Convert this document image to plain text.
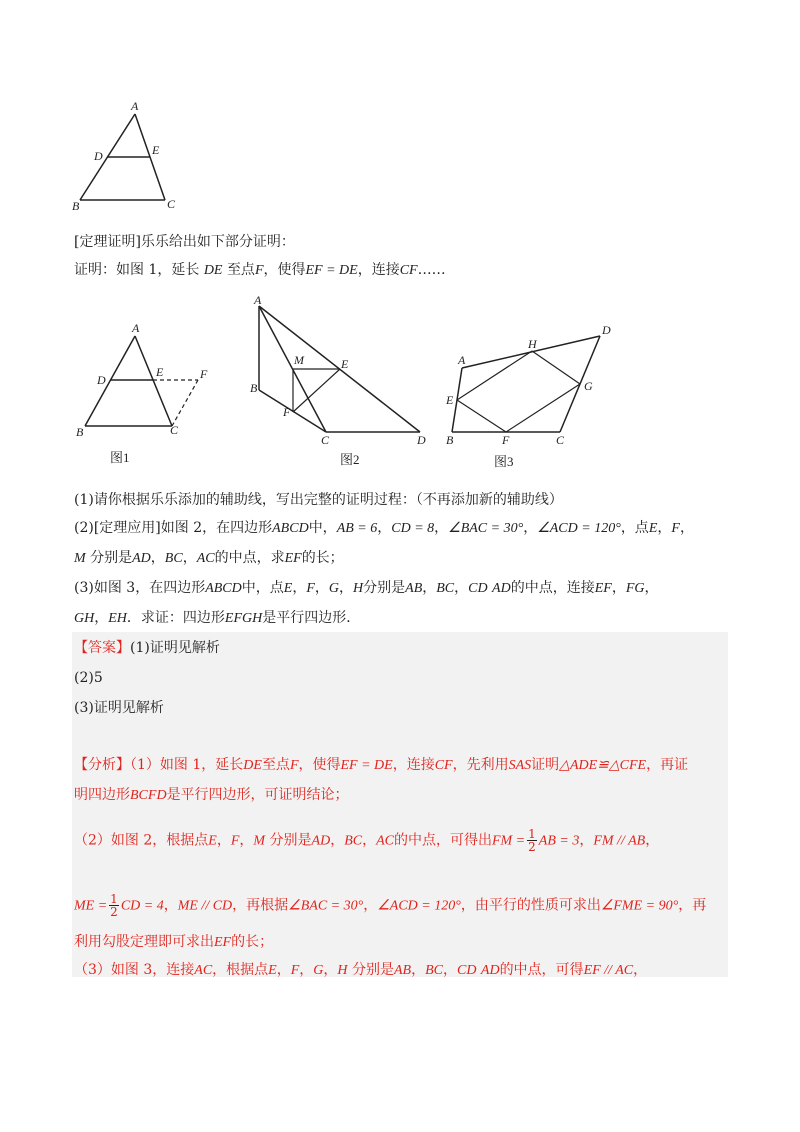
A
D	E
B	C
[定理证明]乐乐给出如下部分证明：
证明：如图 1，延长 DE 至点F，使得EF = DE，连接CF……
A
D
E	F
B	C
图1
A
M	E
B
F
C	D
图2
A
H
D
E
G
B	F	C
图3
(1)请你根据乐乐添加的辅助线，写出完整的证明过程：（不再添加新的辅助线）
(2)[定理应用]如图 2，在四边形ABCD中，AB = 6，CD = 8，∠BAC = 30°，∠ACD = 120°，点E，F，
M 分别是AD，BC，AC的中点，求EF的长；
(3)如图 3，在四边形ABCD中，点E，F，G，H分别是AB，BC，CD AD的中点，连接EF，FG，
GH，EH．求证：四边形EFGH是平行四边形．
【答案】(1)证明见解析
(2)5
(3)证明见解析
【分析】（1）如图 1，延长DE至点F，使得EF = DE，连接CF，先利用SAS证明△ADE≌△CFE，再证
明四边形BCFD是平行四边形，可证明结论；
（2）如图 2，根据点E，F，M 分别是AD，BC，AC的中点，可得出FM = $\frac{1}{2}$ AB = 3，FM // AB，
ME = $\frac{1}{2}$ CD = 4，ME // CD，再根据∠BAC = 30°，∠ACD = 120°，由平行的性质可求出∠FME = 90°，再
利用勾股定理即可求出EF的长；
（3）如图 3，连接AC，根据点E，F，G，H 分别是AB，BC，CD AD的中点，可得EF // AC，
